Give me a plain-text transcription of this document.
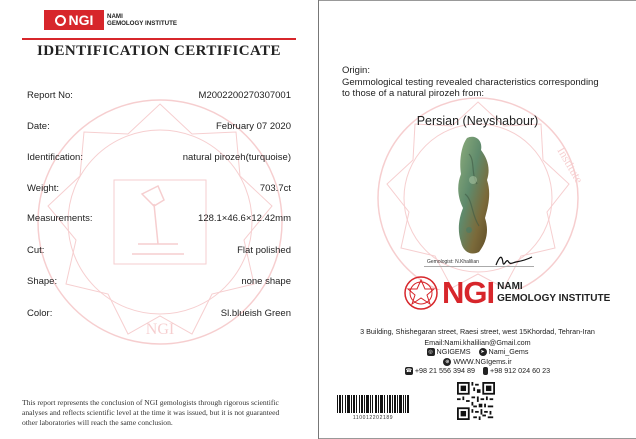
NGI
NGI NAMI
GEMOLOGY INSTITUTE
IDENTIFICATION CERTIFICATE
Report No:	M2002200270307001
Date:	February 07 2020
Identification:	natural pirozeh(turquoise)
Weight:	703.7ct
Measurements:	128.1×46.6×12.42mm
Cut:	Flat polished
Shape:	none shape
Color:	Sl.blueish Green
This report represents the conclusion of NGI gemologists through rigorous scientific
analyses and reflects scientific level at the time it was issued, but it is not guaranteed
other laboratories will reach the same conclusion.
Institute
Origin:
Gemmological testing revealed characteristics corresponding
to those of a natural pirozeh from:
Persian (Neyshabour)
Gemologist: N.Khalilian
NGI NAMI
GEMOLOGY INSTITUTE
3 Building, Shishegaran street, Raesi street, west 15Khordad, Tehran-Iran
Email:Nami.khalilian@Gmail.com
◎ NGIGEMS	➤ Nami_Gems
⊕ WWW.NGIgems.ir
☎ +98 21 556 394 89	+98 912 024 60 23
110012202189
